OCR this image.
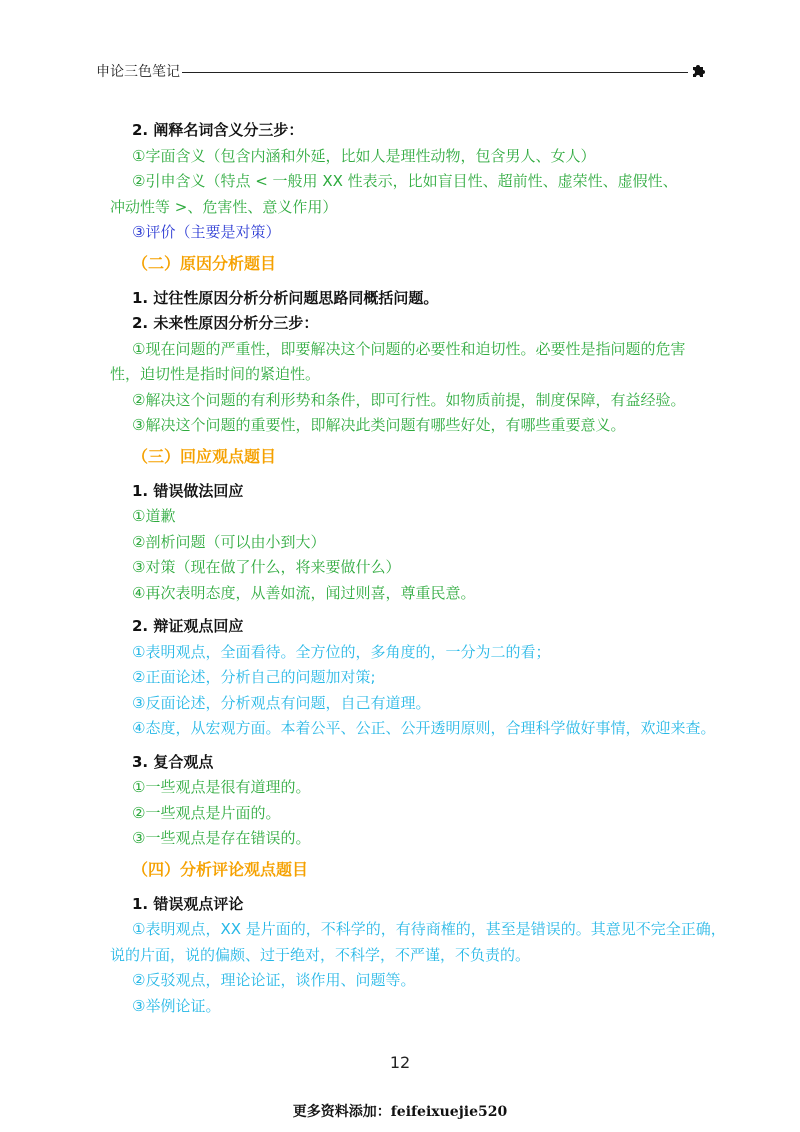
申论三色笔记
2. 阐释名词含义分三步：
①字面含义（包含内涵和外延，比如人是理性动物，包含男人、女人）
②引申含义（特点 < 一般用 XX 性表示，比如盲目性、超前性、虚荣性、虚假性、
冲动性等 >、危害性、意义作用）
③评价（主要是对策）
（二）原因分析题目
1. 过往性原因分析分析问题思路同概括问题。
2. 未来性原因分析分三步：
①现在问题的严重性，即要解决这个问题的必要性和迫切性。必要性是指问题的危害
性，迫切性是指时间的紧迫性。
②解决这个问题的有利形势和条件，即可行性。如物质前提，制度保障，有益经验。
③解决这个问题的重要性，即解决此类问题有哪些好处，有哪些重要意义。
（三）回应观点题目
1. 错误做法回应
①道歉
②剖析问题（可以由小到大）
③对策（现在做了什么，将来要做什么）
④再次表明态度，从善如流，闻过则喜，尊重民意。
2. 辩证观点回应
①表明观点，全面看待。全方位的，多角度的，一分为二的看；
②正面论述，分析自己的问题加对策;
③反面论述，分析观点有问题，自己有道理。
④态度，从宏观方面。本着公平、公正、公开透明原则，合理科学做好事情，欢迎来查。
3. 复合观点
①一些观点是很有道理的。
②一些观点是片面的。
③一些观点是存在错误的。
（四）分析评论观点题目
1. 错误观点评论
①表明观点，XX 是片面的，不科学的，有待商榷的，甚至是错误的。其意见不完全正确，
说的片面，说的偏颇、过于绝对，不科学，不严谨，不负责的。
②反驳观点，理论论证，谈作用、问题等。
③举例论证。
12
更多资料添加：feifeixuejie520
